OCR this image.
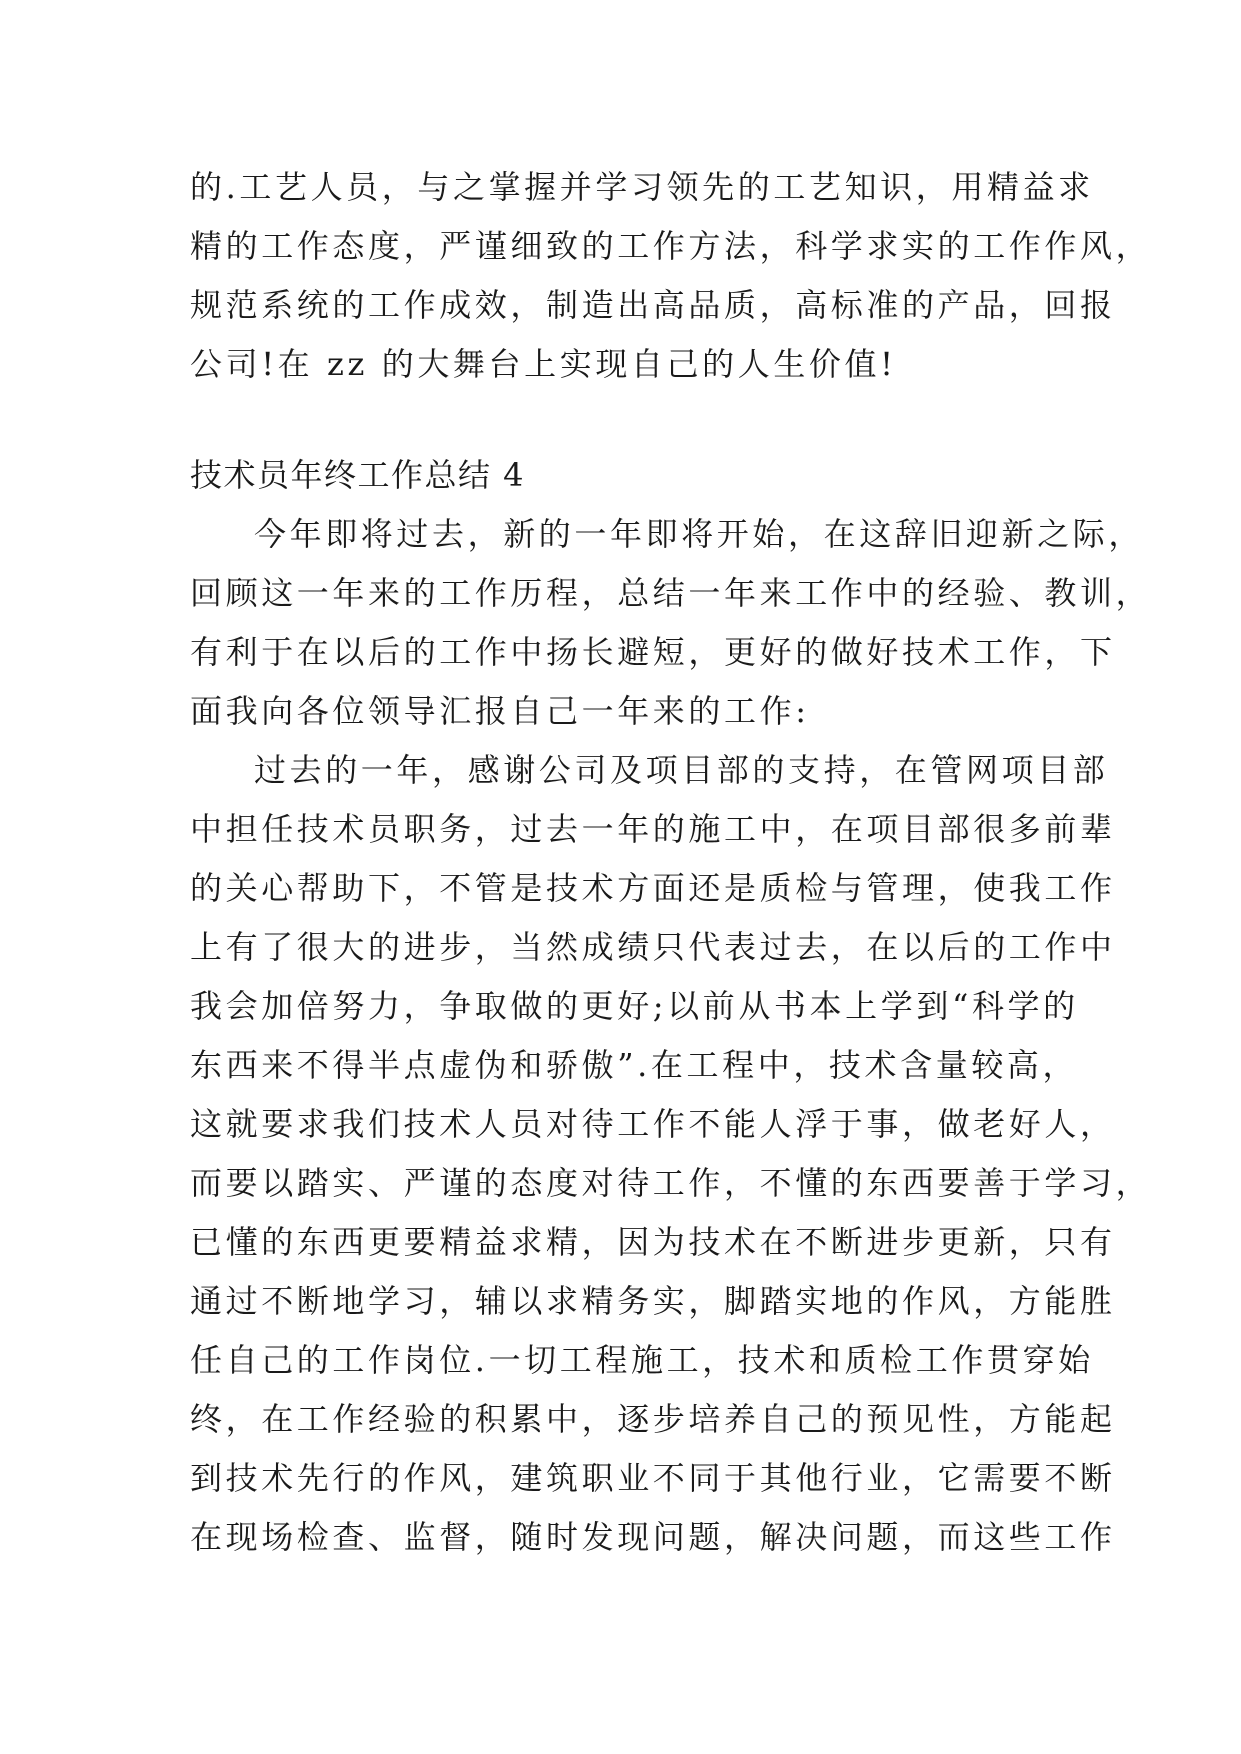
的.工艺人员，与之掌握并学习领先的工艺知识，用精益求
精的工作态度，严谨细致的工作方法，科学求实的工作作风，
规范系统的工作成效，制造出高品质，高标准的产品，回报
公司!在 zz 的大舞台上实现自己的人生价值!
技术员年终工作总结 4
今年即将过去，新的一年即将开始，在这辞旧迎新之际，
回顾这一年来的工作历程，总结一年来工作中的经验、教训，
有利于在以后的工作中扬长避短，更好的做好技术工作，下
面我向各位领导汇报自己一年来的工作:
过去的一年，感谢公司及项目部的支持，在管网项目部
中担任技术员职务，过去一年的施工中，在项目部很多前辈
的关心帮助下，不管是技术方面还是质检与管理，使我工作
上有了很大的进步，当然成绩只代表过去，在以后的工作中
我会加倍努力，争取做的更好;以前从书本上学到“科学的
东西来不得半点虚伪和骄傲”.在工程中，技术含量较高，
这就要求我们技术人员对待工作不能人浮于事，做老好人，
而要以踏实、严谨的态度对待工作，不懂的东西要善于学习，
已懂的东西更要精益求精，因为技术在不断进步更新，只有
通过不断地学习，辅以求精务实，脚踏实地的作风，方能胜
任自己的工作岗位.一切工程施工，技术和质检工作贯穿始
终，在工作经验的积累中，逐步培养自己的预见性，方能起
到技术先行的作风，建筑职业不同于其他行业，它需要不断
在现场检查、监督，随时发现问题，解决问题，而这些工作
